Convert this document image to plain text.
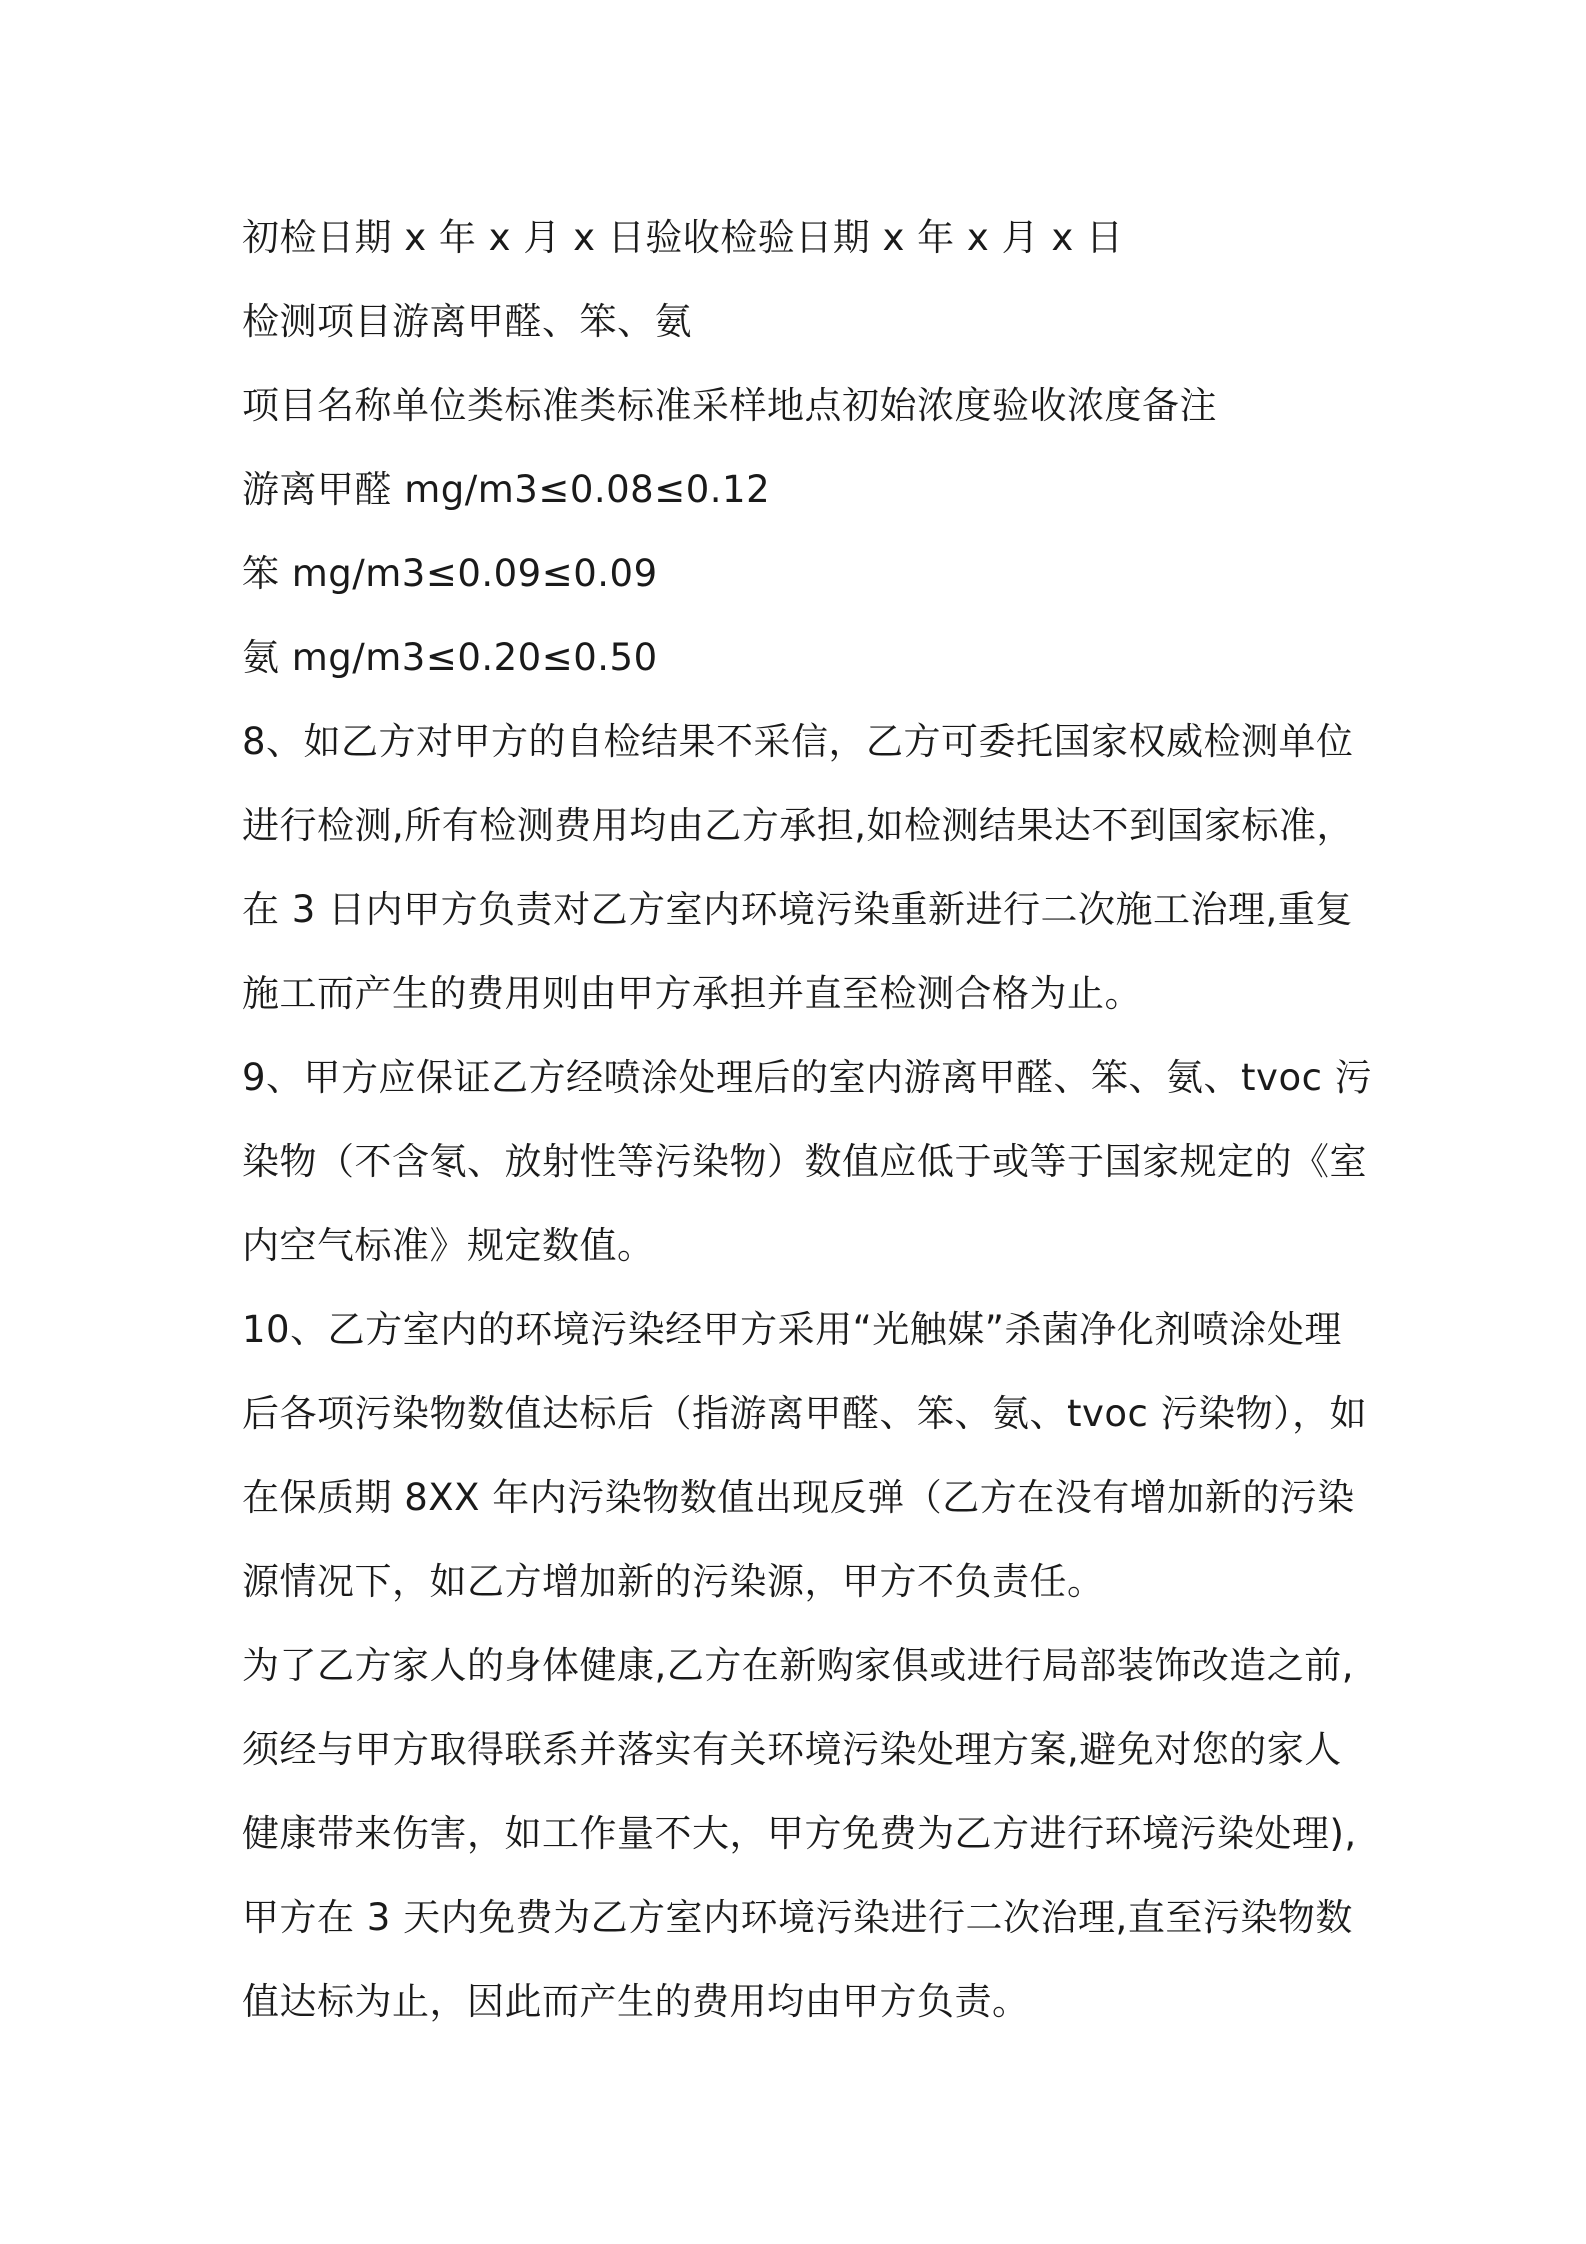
初检日期 x 年 x 月 x 日验收检验日期 x 年 x 月 x 日
检测项目游离甲醛、笨、氨
项目名称单位类标准类标准采样地点初始浓度验收浓度备注
游离甲醛 mg/m3≤0.08≤0.12
笨 mg/m3≤0.09≤0.09
氨 mg/m3≤0.20≤0.50
8、如乙方对甲方的自检结果不采信，乙方可委托国家权威检测单位
进行检测,所有检测费用均由乙方承担,如检测结果达不到国家标准，
在 3 日内甲方负责对乙方室内环境污染重新进行二次施工治理,重复
施工而产生的费用则由甲方承担并直至检测合格为止。
9、甲方应保证乙方经喷涂处理后的室内游离甲醛、笨、氨、tvoc 污
染物（不含氡、放射性等污染物）数值应低于或等于国家规定的《室
内空气标准》规定数值。
10、乙方室内的环境污染经甲方采用“光触媒”杀菌净化剂喷涂处理
后各项污染物数值达标后（指游离甲醛、笨、氨、tvoc 污染物），如
在保质期 8XX 年内污染物数值出现反弹（乙方在没有增加新的污染
源情况下，如乙方增加新的污染源，甲方不负责任。
为了乙方家人的身体健康,乙方在新购家俱或进行局部装饰改造之前,
须经与甲方取得联系并落实有关环境污染处理方案,避免对您的家人
健康带来伤害，如工作量不大，甲方免费为乙方进行环境污染处理),
甲方在 3 天内免费为乙方室内环境污染进行二次治理,直至污染物数
值达标为止，因此而产生的费用均由甲方负责。
